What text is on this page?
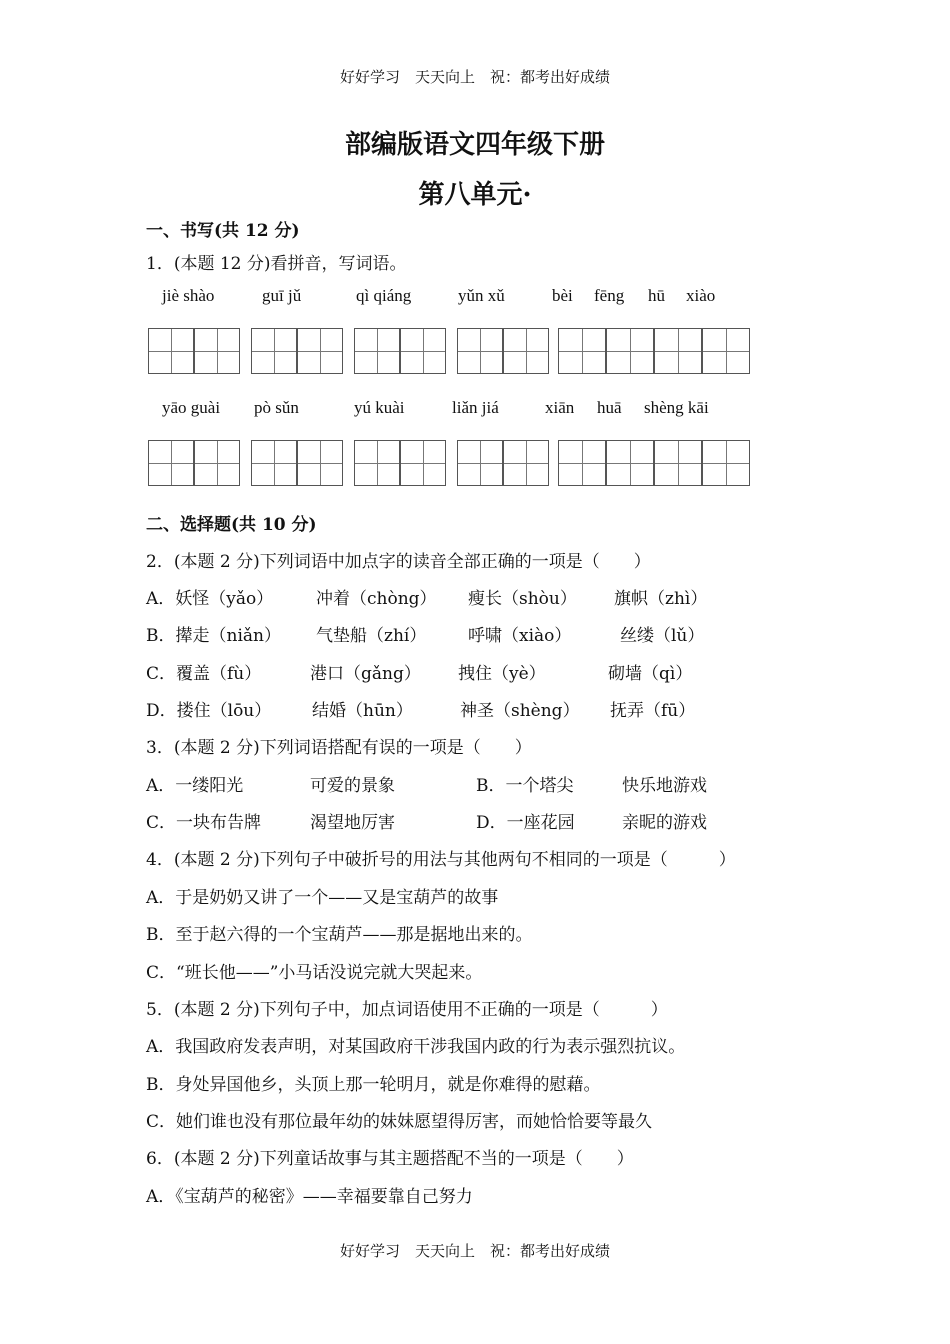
好好学习　天天向上　祝：都考出好成绩
部编版语文四年级下册
第八单元·
一、书写(共 12 分)
1．(本题 12 分)看拼音，写词语。
jiè shào	guī jǔ	qì qiáng	yǔn xǔ	bèi fēng hū xiào
yāo guài pò sǔn	yú kuài	liǎn jiá	xiān huā shèng kāi
二、选择题(共 10 分)
2．(本题 2 分)下列词语中加点字的读音全部正确的一项是（　　）
A．妖怪（yǎo）	冲着（chòng） 瘦长（shòu） 旗帜（zhì）
B．撵走（niǎn） 气垫船（zhí） 呼啸（xiào）	丝缕（lǔ）
C．覆盖（fù）	港口（gǎng） 拽住（yè）	砌墙（qì）
D．搂住（lōu） 结婚（hūn）	神圣（shèng） 抚弄（fū）
3．(本题 2 分)下列词语搭配有误的一项是（　　）
A．一缕阳光	可爱的景象	B．一个塔尖	快乐地游戏
C．一块布告牌	渴望地厉害	D．一座花园	亲昵的游戏
4．(本题 2 分)下列句子中破折号的用法与其他两句不相同的一项是（　　　）
A．于是奶奶又讲了一个——又是宝葫芦的故事
B．至于赵六得的一个宝葫芦——那是据地出来的。
C．“班长他——”小马话没说完就大哭起来。
5．(本题 2 分)下列句子中，加点词语使用不正确的一项是（　　　）
A．我国政府发表声明，对某国政府干涉我国内政的行为表示强烈抗议。
B．身处异国他乡，头顶上那一轮明月，就是你难得的慰藉。
C．她们谁也没有那位最年幼的妹妹愿望得厉害，而她恰恰要等最久
6．(本题 2 分)下列童话故事与其主题搭配不当的一项是（　　）
A．《宝葫芦的秘密》——幸福要靠自己努力
好好学习　天天向上　祝：都考出好成绩
